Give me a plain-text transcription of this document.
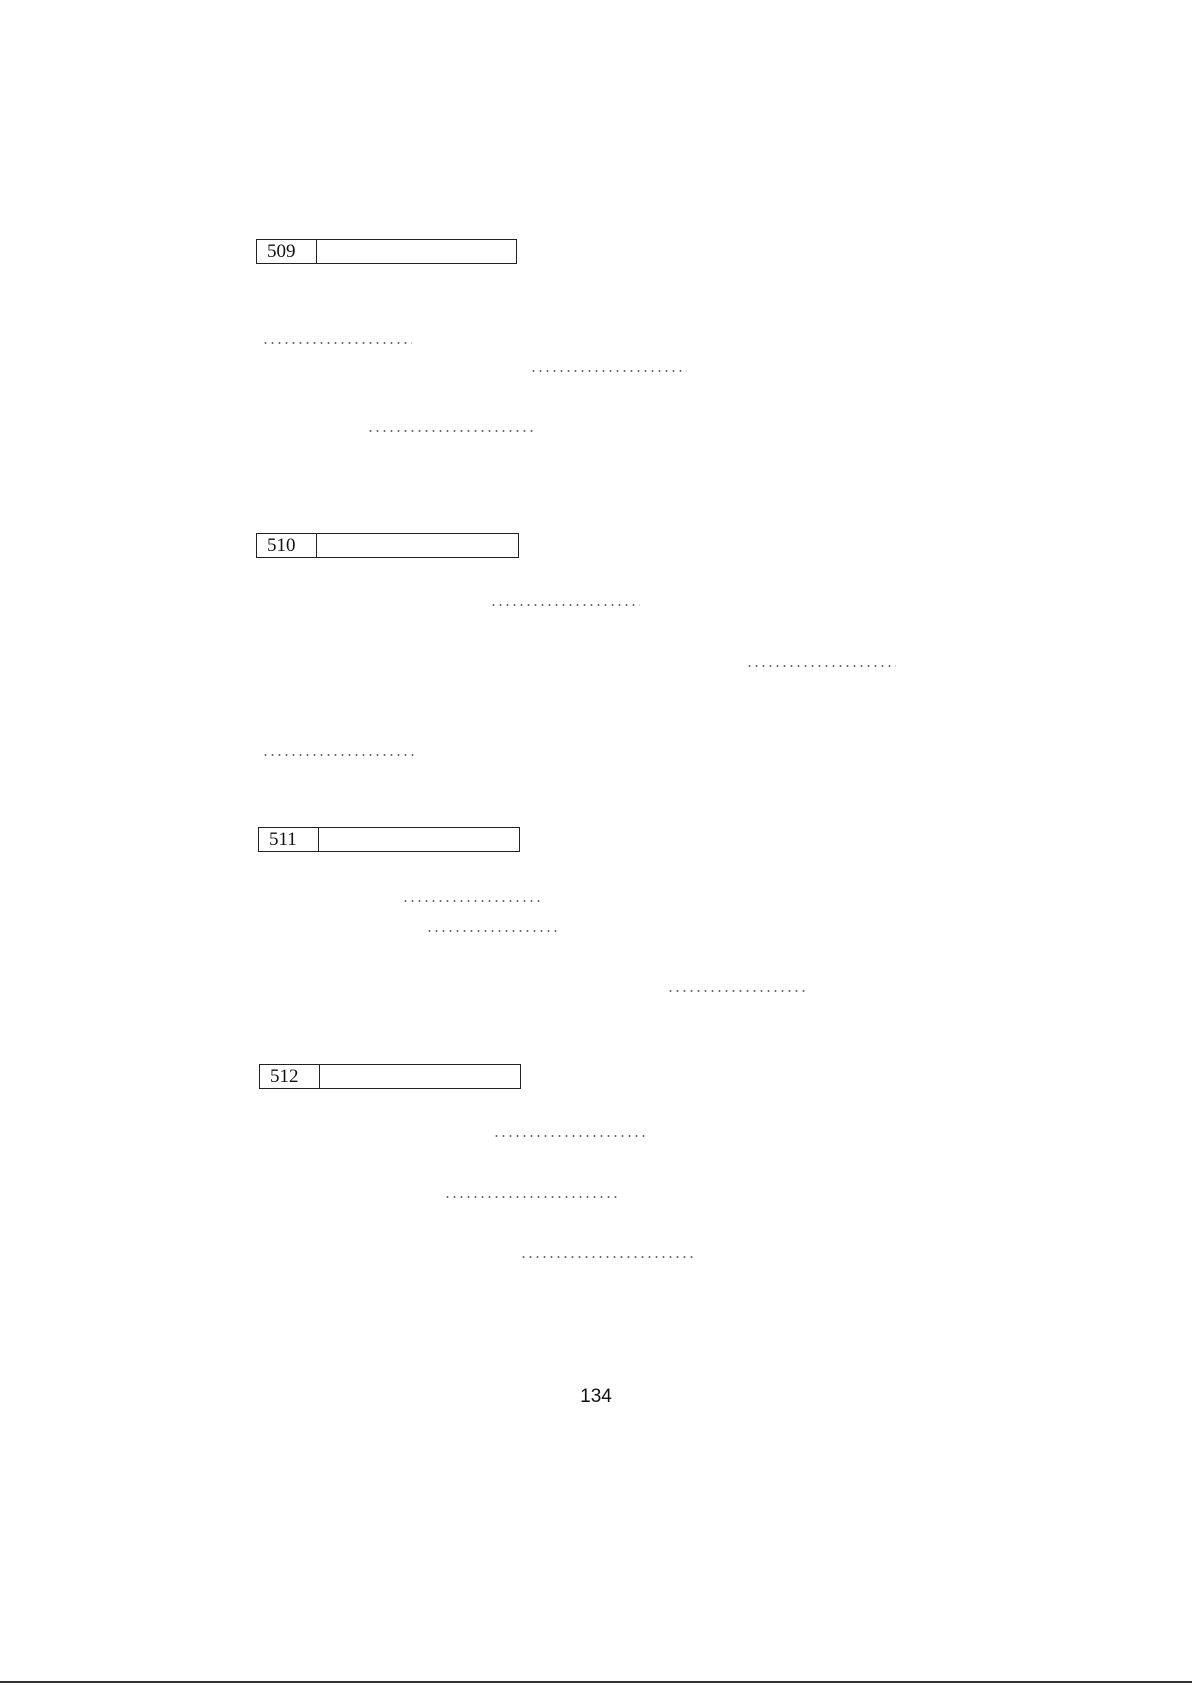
509
510
511
512
134
